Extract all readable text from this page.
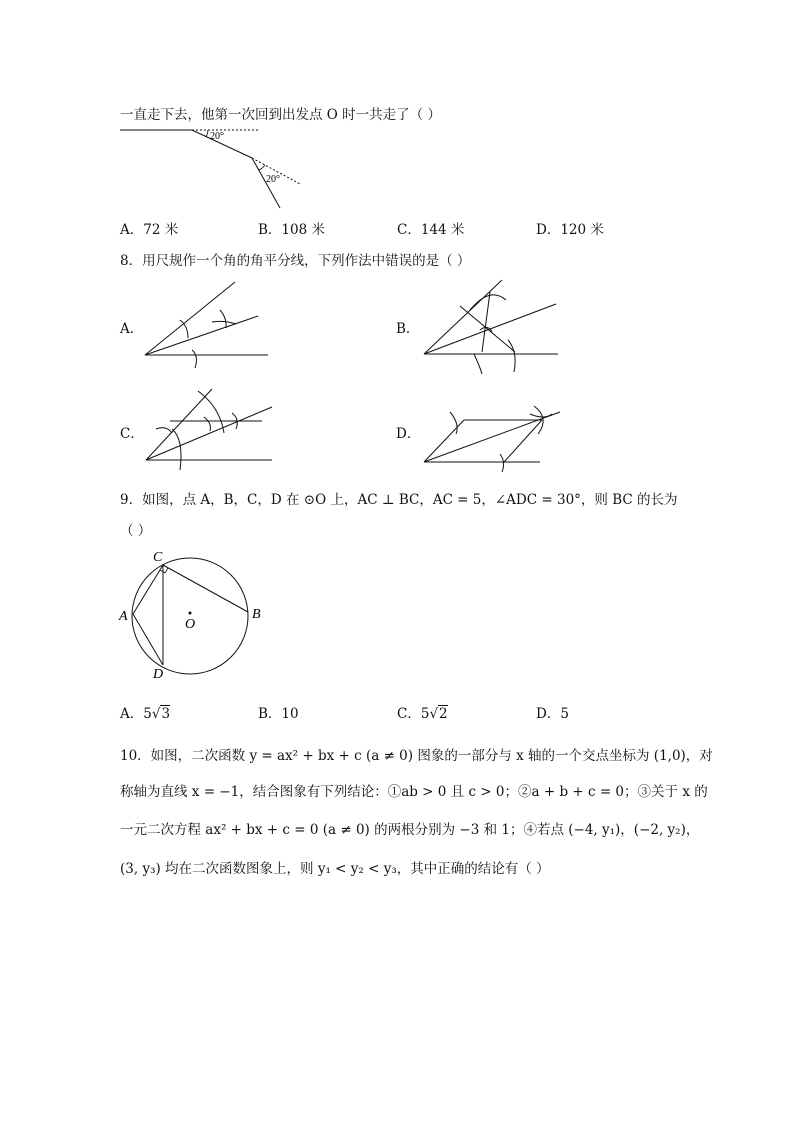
一直走下去，他第一次回到出发点 O 时一共走了（ ）
20°
20°
A．72 米	B．108 米	C．144 米	D．120 米
8．用尺规作一个角的角平分线，下列作法中错误的是（ ）
A．	B．
C．	D．
9．如图，点 A，B，C，D 在 ⊙O 上，AC ⊥ BC，AC = 5，∠ADC = 30°，则 BC 的长为
（ ）
C
A
D
B
O
A．5√3	B．10	C．5√2	D．5
10．如图，二次函数 y = ax² + bx + c (a ≠ 0) 图象的一部分与 x 轴的一个交点坐标为 (1,0)，对
称轴为直线 x = −1，结合图象有下列结论：①ab > 0 且 c > 0；②a + b + c = 0；③关于 x 的
一元二次方程 ax² + bx + c = 0 (a ≠ 0) 的两根分别为 −3 和 1；④若点 (−4, y₁)，(−2, y₂)，
(3, y₃) 均在二次函数图象上，则 y₁ < y₂ < y₃，其中正确的结论有（ ）
